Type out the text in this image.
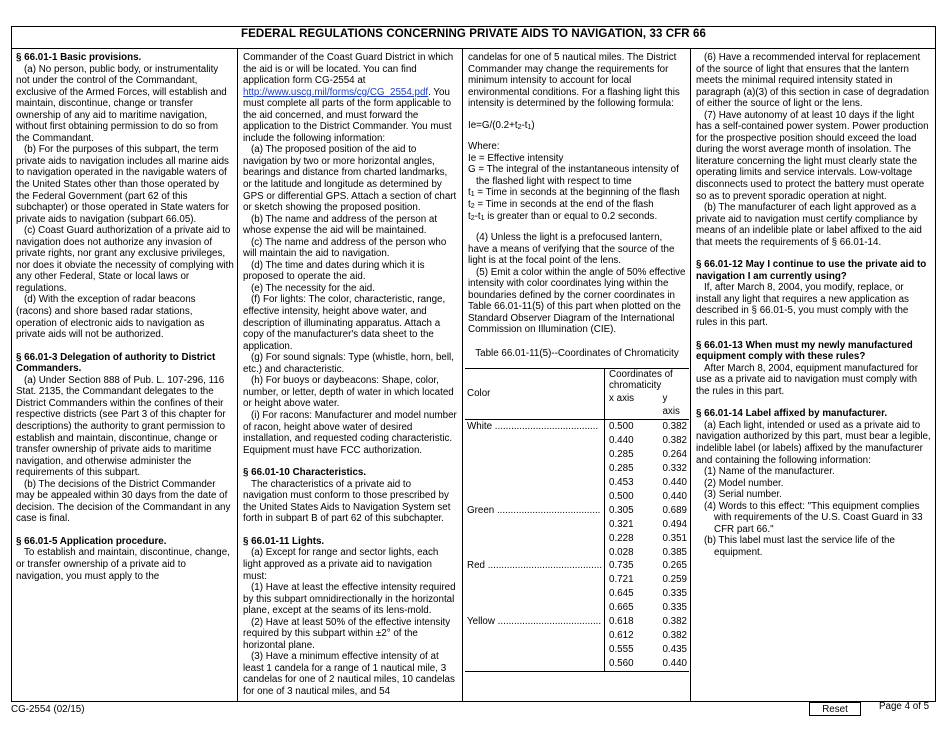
FEDERAL REGULATIONS CONCERNING PRIVATE AIDS TO NAVIGATION, 33 CFR 66

§ 66.01-1 Basic provisions.

(a) No person, public body, or instrumentality not under the control of the Commandant, exclusive of the Armed Forces, will establish and maintain, discontinue, change or transfer ownership of any aid to maritime navigation, without first obtaining permission to do so from the Commandant.

(b) For the purposes of this subpart, the term private aids to navigation includes all marine aids to navigation operated in the navigable waters of the United States other than those operated by the Federal Government (part 62 of this subchapter) or those operated in State waters for private aids to navigation (subpart 66.05).

(c) Coast Guard authorization of a private aid to navigation does not authorize any invasion of private rights, nor grant any exclusive privileges, nor does it obviate the necessity of complying with any other Federal, State or local laws or regulations.

(d) With the exception of radar beacons (racons) and shore based radar stations, operation of electronic aids to navigation as private aids will not be authorized.

§ 66.01-3 Delegation of authority to District Commanders.

(a) Under Section 888 of Pub. L. 107-296, 116 Stat. 2135, the Commandant delegates to the District Commanders within the confines of their respective districts (see Part 3 of this chapter for descriptions) the authority to grant permission to establish and maintain, discontinue, change or transfer ownership of private aids to maritime navigation, and otherwise administer the requirements of this subpart.

(b) The decisions of the District Commander may be appealed within 30 days from the date of decision. The decision of the Commandant in any case is final.

§ 66.01-5 Application procedure.

To establish and maintain, discontinue, change, or transfer ownership of a private aid to navigation, you must apply to the

Commander of the Coast Guard District in which the aid is or will be located. You can find application form CG-2554 at http://www.uscg.mil/forms/cg/CG_2554.pdf. You must complete all parts of the form applicable to the aid concerned, and must forward the application to the District Commander. You must include the following information:

(a) The proposed position of the aid to navigation by two or more horizontal angles, bearings and distance from charted landmarks, or the latitude and longitude as determined by GPS or differential GPS. Attach a section of chart or sketch showing the proposed position.

(b) The name and address of the person at whose expense the aid will be maintained.

(c) The name and address of the person who will maintain the aid to navigation.

(d) The time and dates during which it is proposed to operate the aid.

(e) The necessity for the aid.

(f) For lights: The color, characteristic, range, effective intensity, height above water, and description of illuminating apparatus. Attach a copy of the manufacturer's data sheet to the application.

(g) For sound signals: Type (whistle, horn, bell, etc.) and characteristic.

(h) For buoys or daybeacons: Shape, color, number, or letter, depth of water in which located or height above water.

(i) For racons: Manufacturer and model number of racon, height above water of desired installation, and requested coding characteristic. Equipment must have FCC authorization.

§ 66.01-10 Characteristics.

The characteristics of a private aid to navigation must conform to those prescribed by the United States Aids to Navigation System set forth in subpart B of part 62 of this subchapter.

§ 66.01-11 Lights.

(a) Except for range and sector lights, each light approved as a private aid to navigation must:

(1) Have at least the effective intensity required by this subpart omnidirectionally in the horizontal plane, except at the seams of its lens-mold.

(2) Have at least 50% of the effective intensity required by this subpart within ±2° of the horizontal plane.

(3) Have a minimum effective intensity of at least 1 candela for a range of 1 nautical mile, 3 candelas for one of 2 nautical miles, 10 candelas for one of 3 nautical miles, and 54

candelas for one of 5 nautical miles. The District Commander may change the requirements for minimum intensity to account for local environmental conditions. For a flashing light this intensity is determined by the following formula:

$Ie=G/(0.2+t_2-t_1)$

Where:

Ie = Effective intensity

G = The integral of the instantaneous intensity of the flashed light with respect to time

$t_1$ = Time in seconds at the beginning of the flash

$t_2$ = Time in seconds at the end of the flash

$t_2-t_1$ is greater than or equal to 0.2 seconds.

(4) Unless the light is a prefocused lantern, have a means of verifying that the source of the light is at the focal point of the lens.

(5) Emit a color within the angle of 50% effective intensity with color coordinates lying within the boundaries defined by the corner coordinates in Table 66.01-11(5) of this part when plotted on the Standard Observer Diagram of the International Commission on Illumination (CIE).

Table 66.01-11(5)--Coordinates of Chromaticity

Color	Coordinates of chromaticity	
	x axis	y axis
White ......................................	0.500	0.382
	0.440	0.382
	0.285	0.264
	0.285	0.332
	0.453	0.440
	0.500	0.440
Green ......................................	0.305	0.689
	0.321	0.494
	0.228	0.351
	0.028	0.385
Red ..........................................	0.735	0.265
	0.721	0.259
	0.645	0.335
	0.665	0.335
Yellow ......................................	0.618	0.382
	0.612	0.382
	0.555	0.435
	0.560	0.440

(6) Have a recommended interval for replacement of the source of light that ensures that the lantern meets the minimal required intensity stated in paragraph (a)(3) of this section in case of degradation of either the source of light or the lens.

(7) Have autonomy of at least 10 days if the light has a self-contained power system. Power production for the prospective position should exceed the load during the worst average month of insolation. The literature concerning the light must clearly state the operating limits and service intervals. Low-voltage disconnects used to protect the battery must operate so as to prevent sporadic operation at night.

(b) The manufacturer of each light approved as a private aid to navigation must certify compliance by means of an indelible plate or label affixed to the aid that meets the requirements of § 66.01-14.

§ 66.01-12 May I continue to use the private aid to navigation I am currently using?

If, after March 8, 2004, you modify, replace, or install any light that requires a new application as described in § 66.01-5, you must comply with the rules in this part.

§ 66.01-13 When must my newly manufactured equipment comply with these rules?

After March 8, 2004, equipment manufactured for use as a private aid to navigation must comply with the rules in this part.

§ 66.01-14 Label affixed by manufacturer.

(a) Each light, intended or used as a private aid to navigation authorized by this part, must bear a legible, indelible label (or labels) affixed by the manufacturer and containing the following information:

(1) Name of the manufacturer.

(2) Model number.

(3) Serial number.

(4) Words to this effect: "This equipment complies with requirements of the U.S. Coast Guard in 33 CFR part 66."

(b) This label must last the service life of the equipment.

CG-2554 (02/15)	Reset	Page 4 of 5
